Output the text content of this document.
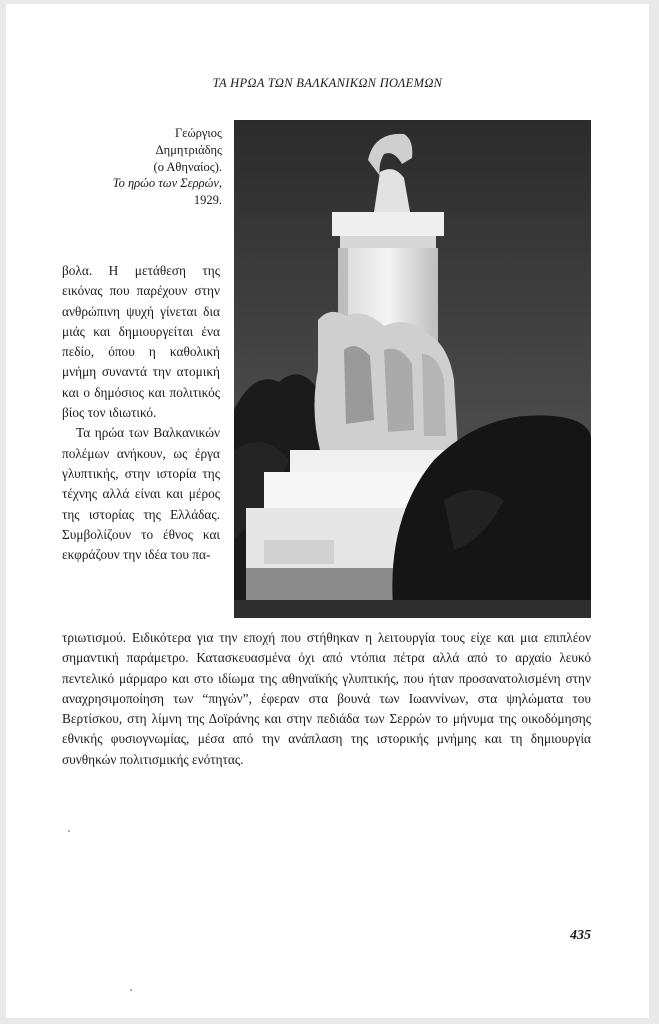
ΤΑ ΗΡΩΑ ΤΩΝ ΒΑΛΚΑΝΙΚΩΝ ΠΟΛΕΜΩΝ
Γεώργιος
Δημητριάδης
(ο Αθηναίος).
Το ηρώο των Σερρών,
1929.

βολα. Η μετάθεση της εικόνας που παρέχουν στην ανθρώπινη ψυχή γίνεται δια μιάς και δημιουργείται ένα πεδίο, όπου η καθολική μνήμη συναντά την ατομική και ο δημόσιος και πολιτικός βίος τον ιδιωτικό.

Τα ηρώα των Βαλκανικών πολέμων ανήκουν, ως έργα γλυπτικής, στην ιστορία της τέχνης αλλά είναι και μέρος της ιστορίας της Ελλάδας. Συμβολίζουν το έθνος και εκφράζουν την ιδέα του πα-

τριωτισμού. Ειδικότερα για την εποχή που στήθηκαν η λειτουργία τους είχε και μια επιπλέον σημαντική παράμετρο. Κατασκευασμένα όχι από ντόπια πέτρα αλλά από το αρχαίο λευκό πεντελικό μάρμαρο και στο ιδίωμα της αθηναϊκής γλυπτικής, που ήταν προσανατολισμένη στην αναχρησιμοποίηση των “πηγών”, έφεραν στα βουνά των Ιωαννίνων, στα ψηλώματα του Βερτίσκου, στη λίμνη της Δοϊράνης και στην πεδιάδα των Σερρών το μήνυμα της οικοδόμησης εθνικής φυσιογνωμίας, μέσα από την ανάπλαση της ιστορικής μνήμης και τη δημιουργία συνθηκών πολιτισμικής ενότητας.
435
